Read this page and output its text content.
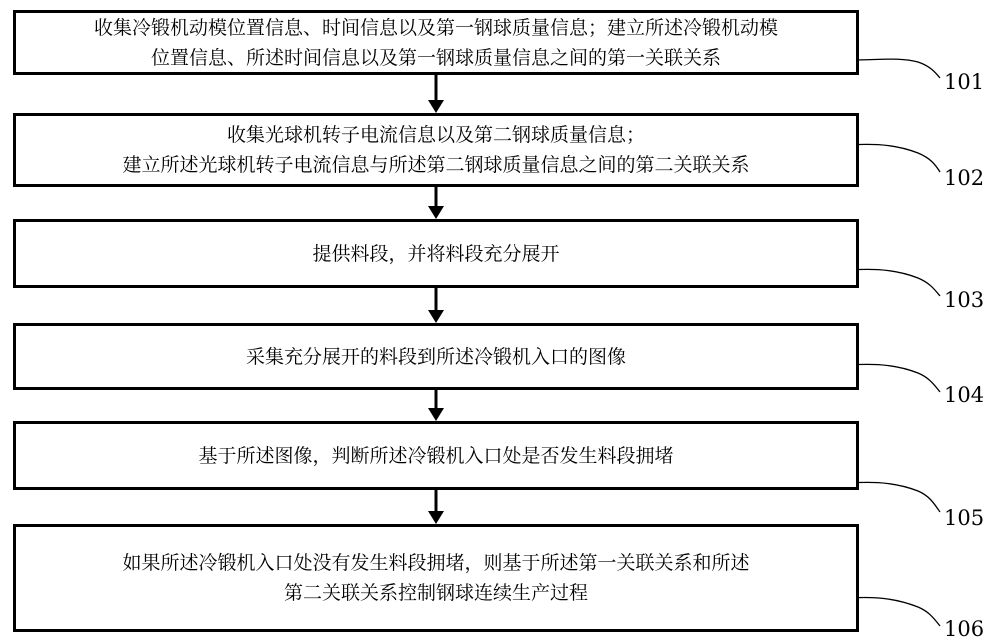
收集冷锻机动模位置信息、时间信息以及第一钢球质量信息；建立所述冷锻机动模
位置信息、所述时间信息以及第一钢球质量信息之间的第一关联关系
收集光球机转子电流信息以及第二钢球质量信息；
建立所述光球机转子电流信息与所述第二钢球质量信息之间的第二关联关系
提供料段，并将料段充分展开
采集充分展开的料段到所述冷锻机入口的图像
基于所述图像，判断所述冷锻机入口处是否发生料段拥堵
如果所述冷锻机入口处没有发生料段拥堵，则基于所述第一关联关系和所述
第二关联关系控制钢球连续生产过程
101
102
103
104
105
106
